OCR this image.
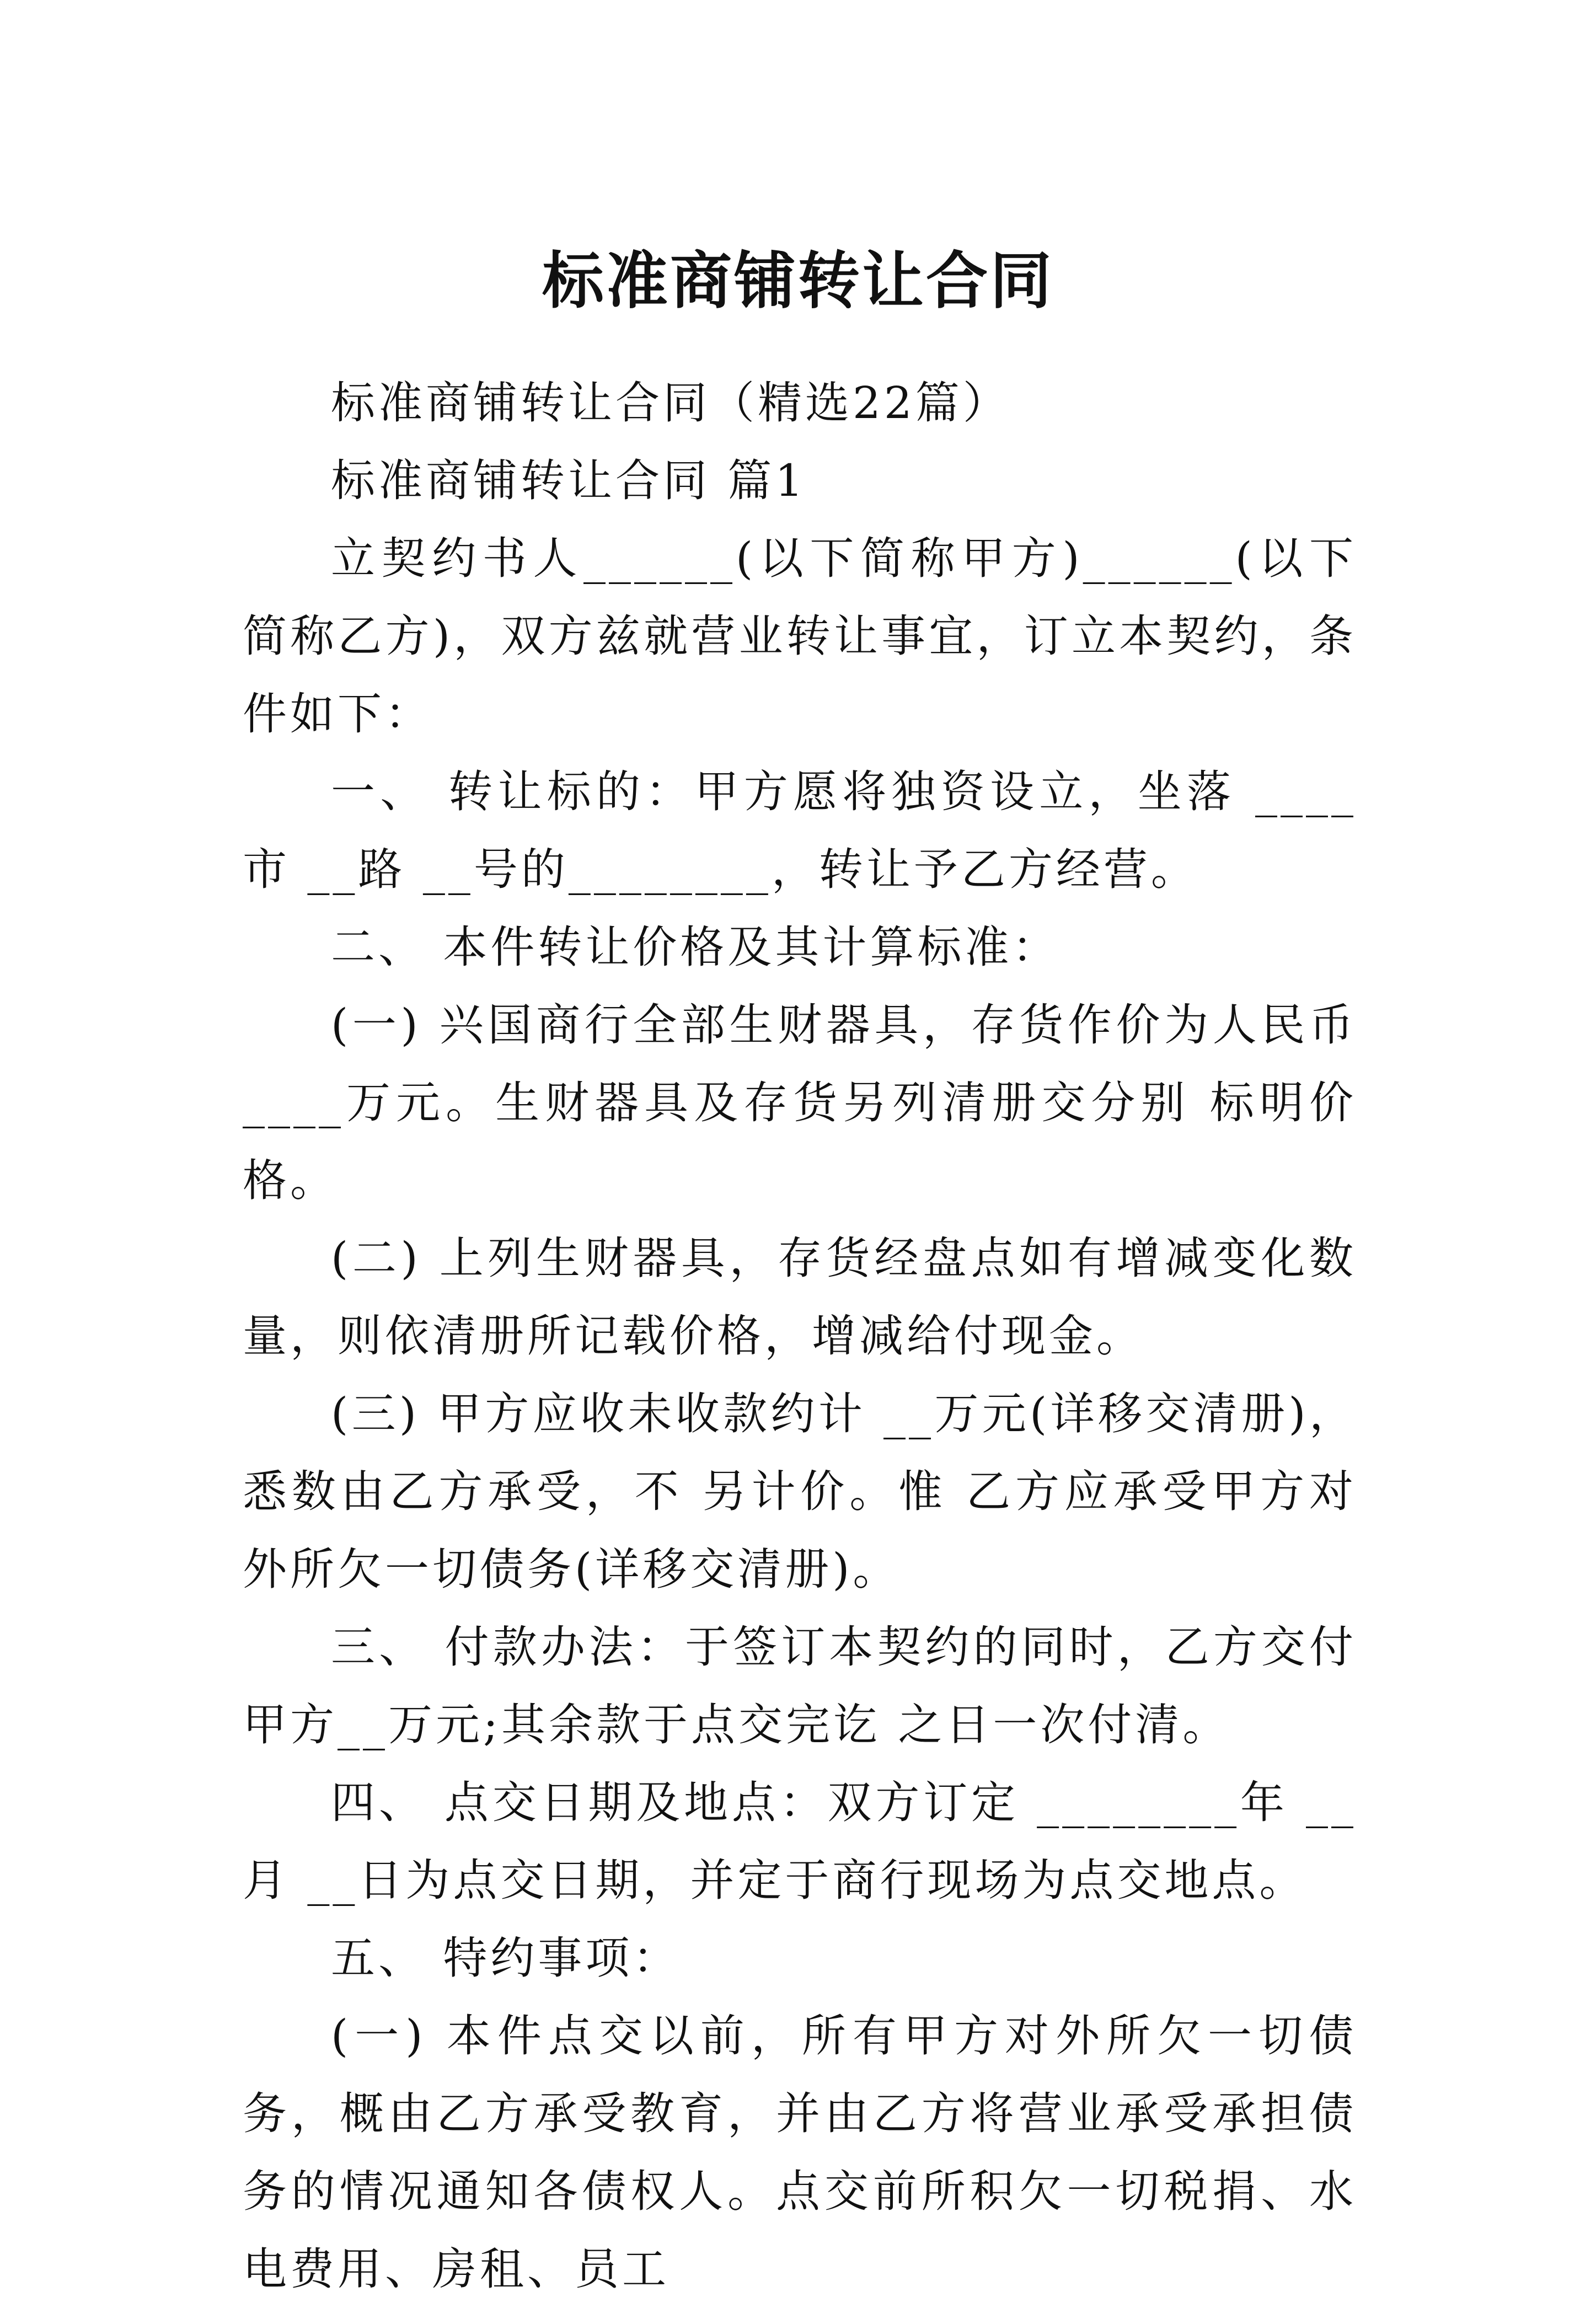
标准商铺转让合同

标准商铺转让合同（精选22篇）

标准商铺转让合同 篇1

立契约书人______(以下简称甲方)______(以下简称乙方)，双方兹就营业转让事宜，订立本契约，条件如下：

一、 转让标的：甲方愿将独资设立，坐落 ____市 __路 __号的________，转让予乙方经营。

二、 本件转让价格及其计算标准：

(一) 兴国商行全部生财器具，存货作价为人民币 ____万元。生财器具及存货另列清册交分别 标明价格。

(二) 上列生财器具，存货经盘点如有增减变化数量，则依清册所记载价格，增减给付现金。

(三) 甲方应收未收款约计 __万元(详移交清册)，悉数由乙方承受，不 另计价。惟 乙方应承受甲方对外所欠一切债务(详移交清册)。

三、 付款办法：于签订本契约的同时，乙方交付甲方__万元;其余款于点交完讫 之日一次付清。

四、 点交日期及地点：双方订定 ________年 __月 __日为点交日期，并定于商行现场为点交地点。

五、 特约事项：

(一) 本件点交以前，所有甲方对外所欠一切债务，概由乙方承受教育，并由乙方将营业承受承担债务的情况通知各债权人。点交前所积欠一切税捐、水电费用、房租、员工
